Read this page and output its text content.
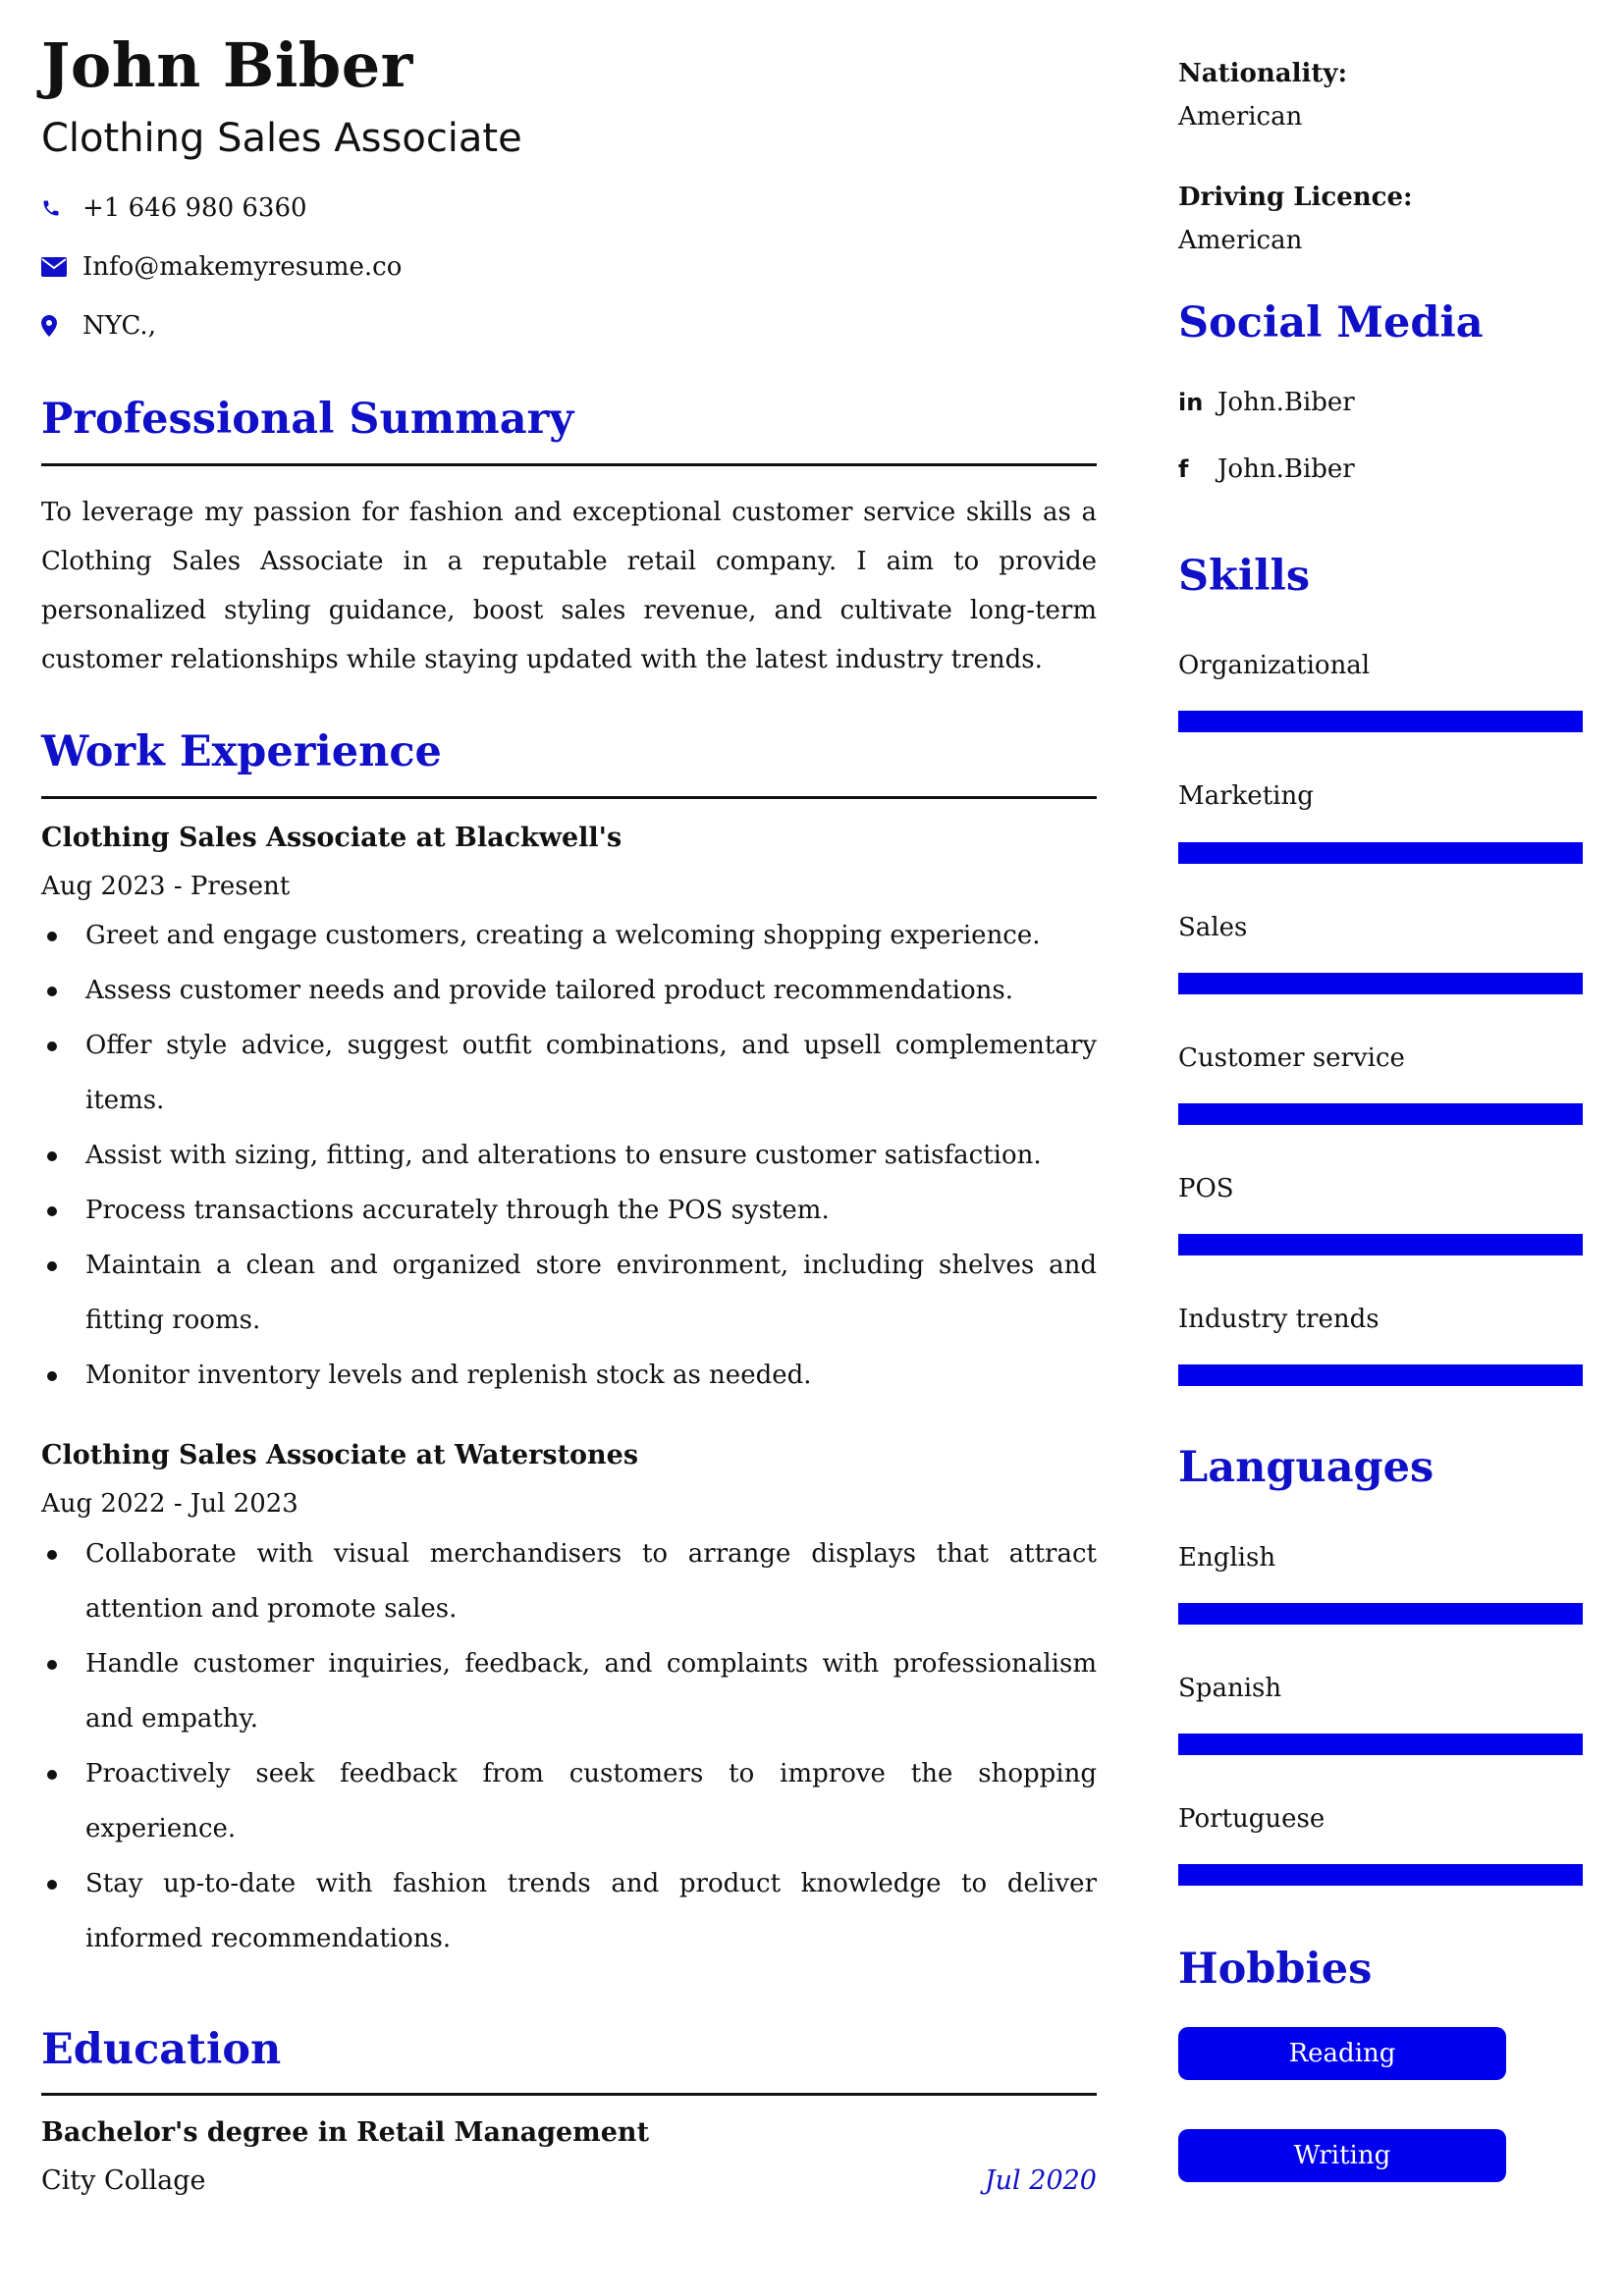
John Biber
Clothing Sales Associate
+1 646 980 6360
Info@makemyresume.co
NYC.,
Professional Summary

To leverage my passion for fashion and exceptional customer service skills as a Clothing Sales Associate in a reputable retail company. I aim to provide personalized styling guidance, boost sales revenue, and cultivate long-term customer relationships while staying updated with the latest industry trends.

Work Experience

Clothing Sales Associate at Blackwell's

Aug 2023 - Present

Greet and engage customers, creating a welcoming shopping experience.
Assess customer needs and provide tailored product recommendations.
Offer style advice, suggest outfit combinations, and upsell complementary items.
Assist with sizing, fitting, and alterations to ensure customer satisfaction.
Process transactions accurately through the POS system.
Maintain a clean and organized store environment, including shelves and fitting rooms.
Monitor inventory levels and replenish stock as needed.

Clothing Sales Associate at Waterstones

Aug 2022 - Jul 2023

Collaborate with visual merchandisers to arrange displays that attract attention and promote sales.
Handle customer inquiries, feedback, and complaints with professionalism and empathy.
Proactively seek feedback from customers to improve the shopping experience.
Stay up-to-date with fashion trends and product knowledge to deliver informed recommendations.
Education

Bachelor's degree in Retail Management

City Collage	Jul 2020

Nationality:

American

Driving Licence:

American

Social Media
in John.Biber
f	John.Biber
Skills

Organizational

Marketing

Sales

Customer service

POS

Industry trends

Languages

English

Spanish

Portuguese

Hobbies
Reading
Writing
